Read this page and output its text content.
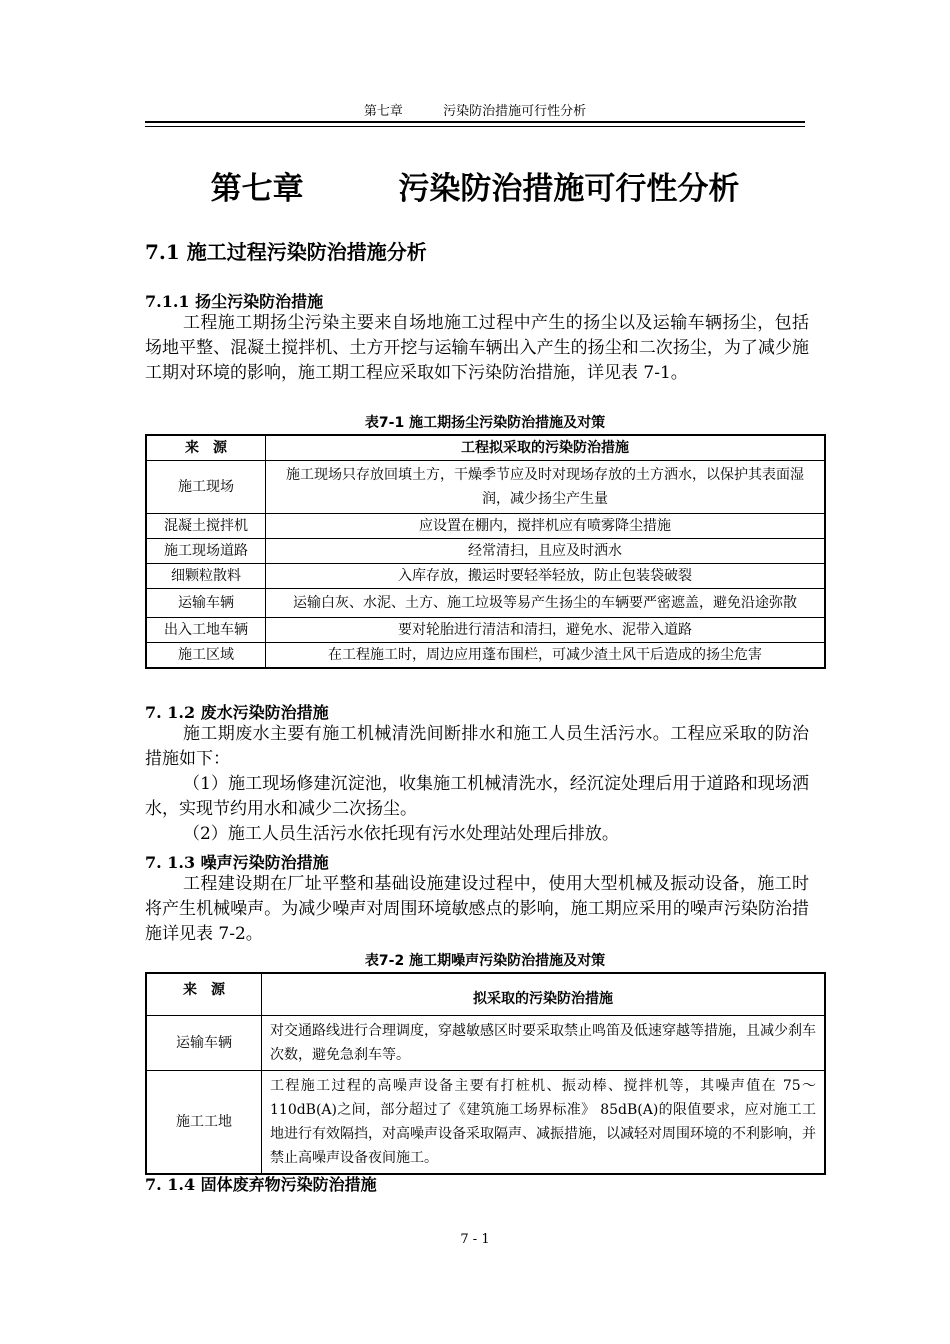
第七章	污染防治措施可行性分析
第七章	污染防治措施可行性分析
7.1 施工过程污染防治措施分析
7.1.1 扬尘污染防治措施

工程施工期扬尘污染主要来自场地施工过程中产生的扬尘以及运输车辆扬尘，包括场地平整、混凝土搅拌机、土方开挖与运输车辆出入产生的扬尘和二次扬尘，为了减少施工期对环境的影响，施工期工程应采取如下污染防治措施，详见表 7-1。

表7-1 施工期扬尘污染防治措施及对策
来　源	工程拟采取的污染防治措施
施工现场	施工现场只存放回填土方，干燥季节应及时对现场存放的土方洒水，以保护其表面湿润，减少扬尘产生量
混凝土搅拌机	应设置在棚内，搅拌机应有喷雾降尘措施
施工现场道路	经常清扫，且应及时洒水
细颗粒散料	入库存放，搬运时要轻举轻放，防止包装袋破裂
运输车辆	运输白灰、水泥、土方、施工垃圾等易产生扬尘的车辆要严密遮盖，避免沿途弥散
出入工地车辆	要对轮胎进行清洁和清扫，避免水、泥带入道路
施工区域	在工程施工时，周边应用蓬布围栏，可减少渣土风干后造成的扬尘危害
7. 1.2 废水污染防治措施

施工期废水主要有施工机械清洗间断排水和施工人员生活污水。工程应采取的防治措施如下：

（1）施工现场修建沉淀池，收集施工机械清洗水，经沉淀处理后用于道路和现场洒水，实现节约用水和减少二次扬尘。

（2）施工人员生活污水依托现有污水处理站处理后排放。

7. 1.3 噪声污染防治措施

工程建设期在厂址平整和基础设施建设过程中，使用大型机械及振动设备，施工时将产生机械噪声。为减少噪声对周围环境敏感点的影响，施工期应采用的噪声污染防治措施详见表 7-2。

表7-2 施工期噪声污染防治措施及对策
来　源	拟采取的污染防治措施
运输车辆	对交通路线进行合理调度，穿越敏感区时要采取禁止鸣笛及低速穿越等措施，且减少刹车次数，避免急刹车等。
施工工地	工程施工过程的高噪声设备主要有打桩机、振动棒、搅拌机等，其噪声值在 75～110dB(A)之间，部分超过了《建筑施工场界标准》 85dB(A)的限值要求，应对施工工地进行有效隔挡，对高噪声设备采取隔声、减振措施，以减轻对周围环境的不利影响，并禁止高噪声设备夜间施工。
7. 1.4 固体废弃物污染防治措施
7 - 1
